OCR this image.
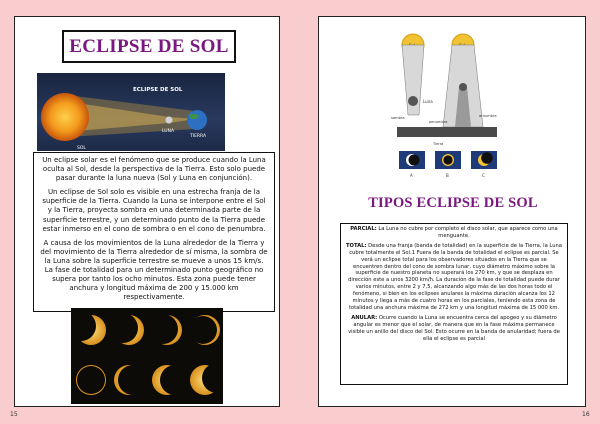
ECLIPSE DE SOL
ECLIPSE DE SOL
SOL
LUNA
TIERRA

Un eclipse solar es el fenómeno que se produce cuando la Luna oculta al Sol, desde la perspectiva de la Tierra. Esto solo puede pasar durante la luna nueva (Sol y Luna en conjunción).

Un eclipse de Sol solo es visible en una estrecha franja de la superficie de la Tierra. Cuando la Luna se interpone entre el Sol y la Tierra, proyecta sombra en una determinada parte de la superficie terrestre, y un determinado punto de la Tierra puede estar inmerso en el cono de sombra o en el cono de penumbra.

A causa de los movimientos de la Luna alrededor de la Tierra y del movimiento de la Tierra alrededor de sí misma, la sombra de la Luna sobre la superficie terrestre se mueve a unos 15 km/s. La fase de totalidad para un determinado punto geográfico no supera por tanto los ocho minutos. Esta zona puede tener anchura y longitud máxima de 200 y 15.000 km respectivamente.

15
Luna
sombra	antumbra
penumbra
Tierra
A	B	C
TIPOS ECLIPSE DE SOL

PARCIAL: La Luna no cubre por completo el disco solar, que aparece como una menguante.

TOTAL: Desde una franja (banda de totalidad) en la superficie de la Tierra, la Luna cubre totalmente el Sol.1 Fuera de la banda de totalidad el eclipse es parcial. Se verá un eclipse total para los observadores situados en la Tierra que se encuentren dentro del cono de sombra lunar, cuyo diámetro máximo sobre la superficie de nuestro planeta no superará los 270 km, y que se desplaza en dirección este a unos 3200 km/h. La duración de la fase de totalidad puede durar varios minutos, entre 2 y 7,5, alcanzando algo más de las dos horas todo el fenómeno, si bien en los eclipses anulares la máxima duración alcanza los 12 minutos y llega a más de cuatro horas en los parciales, teniendo esta zona de totalidad una anchura máxima de 272 km y una longitud máxima de 15 000 km.

ANULAR: Ocurre cuando la Luna se encuentra cerca del apogeo y su diámetro angular es menor que el solar, de manera que en la fase máxima permanece visible un anillo del disco del Sol. Esto ocurre en la banda de anularidad; fuera de ella el eclipse es parcial

16
